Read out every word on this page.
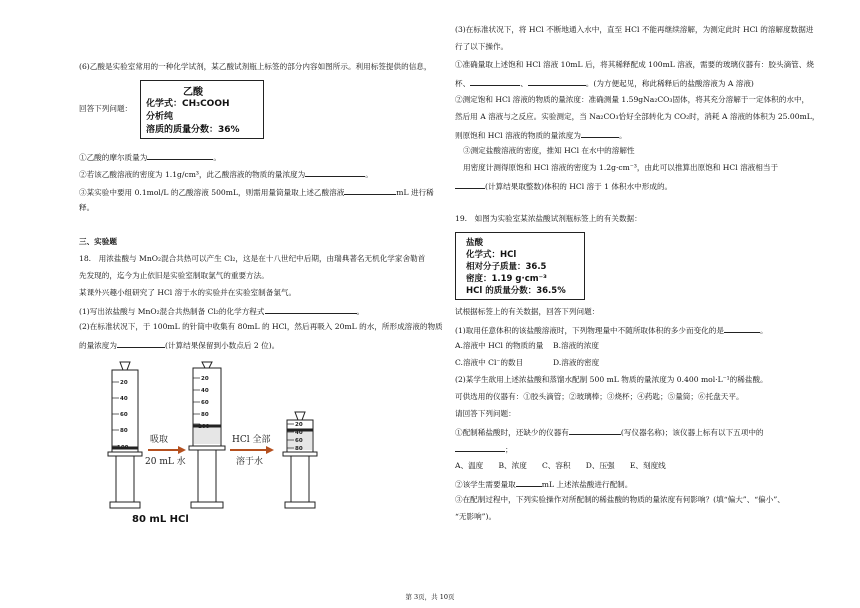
(6)乙酸是实验室常用的一种化学试剂，某乙酸试剂瓶上标签的部分内容如图所示。利用标签提供的信息，
乙酸
化学式：CH₃COOH
分析纯
溶质的质量分数：36%
回答下列问题：
①乙酸的摩尔质量为	。
②若该乙酸溶液的密度为 1.1g/cm³，此乙酸溶液的物质的量浓度为	。
③某实验中要用 0.1mol/L 的乙酸溶液 500mL，则需用量筒量取上述乙酸溶液	mL 进行稀
释。
三、实验题
18.　用浓盐酸与 MnO₂混合共热可以产生 Cl₂，这是在十八世纪中后期，由瑞典著名无机化学家舍勒首
先发现的，迄今为止依旧是实验室制取氯气的重要方法。
某课外兴趣小组研究了 HCl 溶于水的实验并在实验室制备氯气。
(1)写出浓盐酸与 MnO₂混合共热制备 Cl₂的化学方程式	。
(2)在标准状况下，于 100mL 的针筒中收集有 80mL 的 HCl，然后再吸入 20mL 的水，所形成溶液的物质
的量浓度为	(计算结果保留到小数点后 2 位)。
20
40
60
80
100
20
40
60
80
100	20
40
60
80
吸取
20 mL 水
HCl 全部
溶于水
80 mL HCl
(3)在标准状况下，将 HCl 不断地通入水中，直至 HCl 不能再继续溶解，为测定此时 HCl 的溶解度数据进
行了以下操作。
①准确量取上述饱和 HCl 溶液 10mL 后，将其稀释配成 100mL 溶液，需要的玻璃仪器有：胶头滴管、烧
杯、	、	。(为方便起见，称此稀释后的盐酸溶液为 A 溶液)
②测定饱和 HCl 溶液的物质的量浓度：准确测量 1.59gNa₂CO₃固体，将其充分溶解于一定体积的水中，
然后用 A 溶液与之反应。实验测定，当 Na₂CO₃恰好全部转化为 CO₂时，消耗 A 溶液的体积为 25.00mL，
则原饱和 HCl 溶液的物质的量浓度为	。
③测定盐酸溶液的密度，推知 HCl 在水中的溶解性
用密度计测得原饱和 HCl 溶液的密度为 1.2g·cm⁻³，由此可以推算出原饱和 HCl 溶液相当于
(计算结果取整数)体积的 HCl 溶于 1 体积水中形成的。
19.　如图为实验室某浓盐酸试剂瓶标签上的有关数据：
盐酸
化学式：HCl
相对分子质量：36.5
密度：1.19 g·cm⁻³
HCl 的质量分数：36.5%
试根据标签上的有关数据，回答下列问题：
(1)取用任意体积的该盐酸溶液时，下列物理量中不随所取体积的多少而变化的是	。
A.溶液中 HCl 的物质的量 B.溶液的浓度
C.溶液中 Cl⁻的数目	D.溶液的密度
(2)某学生欲用上述浓盐酸和蒸馏水配制 500 mL 物质的量浓度为 0.400 mol·L⁻¹的稀盐酸。
可供选用的仪器有：①胶头滴管；②玻璃棒；③烧杯；④药匙；⑤量筒；⑥托盘天平。
请回答下列问题：
①配制稀盐酸时，还缺少的仪器有	(写仪器名称)；该仪器上标有以下五项中的
；
A、温度　　B、浓度　　C、容积　　D、压强　　E、刻度线
②该学生需要量取	mL 上述浓盐酸进行配制。
③在配制过程中，下列实验操作对所配制的稀盐酸的物质的量浓度有何影响？(填“偏大”、“偏小”、
“无影响”)。
第 3页，共 10页
